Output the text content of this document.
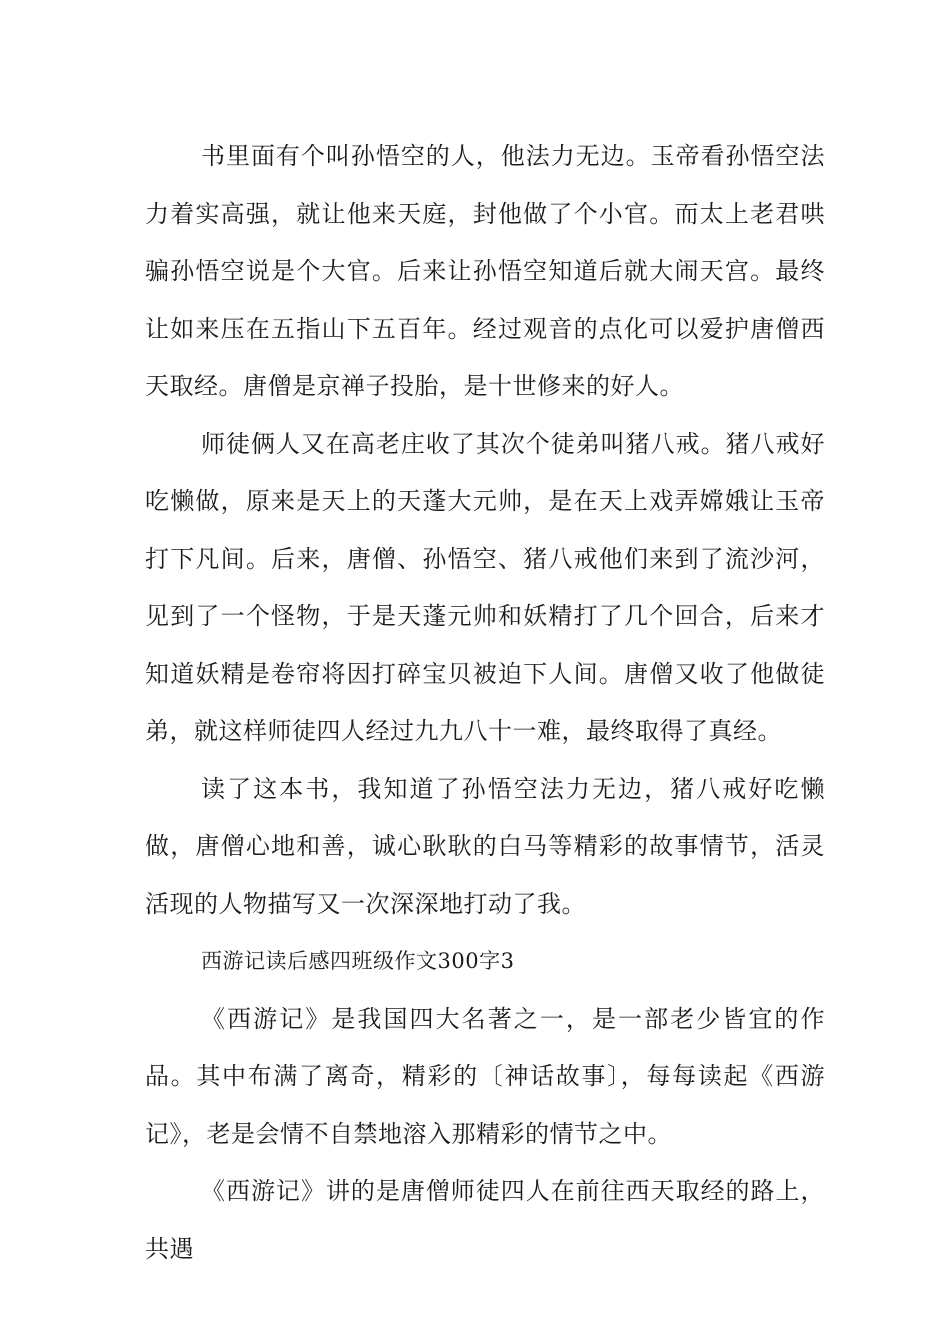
书里面有个叫孙悟空的人，他法力无边。玉帝看孙悟空法力着实高强，就让他来天庭，封他做了个小官。而太上老君哄骗孙悟空说是个大官。后来让孙悟空知道后就大闹天宫。最终让如来压在五指山下五百年。经过观音的点化可以爱护唐僧西天取经。唐僧是京禅子投胎，是十世修来的好人。

师徒俩人又在高老庄收了其次个徒弟叫猪八戒。猪八戒好吃懒做，原来是天上的天蓬大元帅，是在天上戏弄嫦娥让玉帝打下凡间。后来，唐僧、孙悟空、猪八戒他们来到了流沙河，见到了一个怪物，于是天蓬元帅和妖精打了几个回合，后来才知道妖精是卷帘将因打碎宝贝被迫下人间。唐僧又收了他做徒弟，就这样师徒四人经过九九八十一难，最终取得了真经。

读了这本书，我知道了孙悟空法力无边，猪八戒好吃懒做，唐僧心地和善，诚心耿耿的白马等精彩的故事情节，活灵活现的人物描写又一次深深地打动了我。

西游记读后感四班级作文300字3

《西游记》是我国四大名著之一，是一部老少皆宜的作品。其中布满了离奇，精彩的〔神话故事〕，每每读起《西游记》，老是会情不自禁地溶入那精彩的情节之中。

《西游记》讲的是唐僧师徒四人在前往西天取经的路上，共遇
